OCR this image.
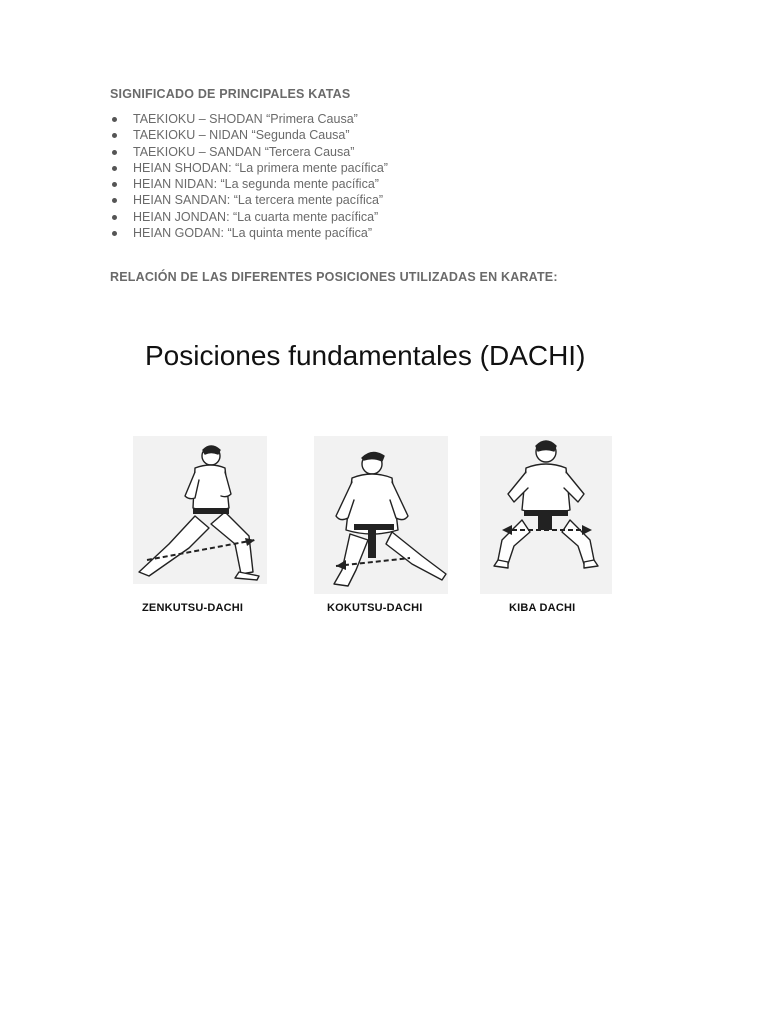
SIGNIFICADO DE PRINCIPALES KATAS
TAEKIOKU – SHODAN “Primera Causa”
TAEKIOKU – NIDAN “Segunda Causa”
TAEKIOKU – SANDAN “Tercera Causa”
HEIAN SHODAN: “La primera mente pacífica”
HEIAN NIDAN: “La segunda mente pacífica”
HEIAN SANDAN: “La tercera mente pacífica”
HEIAN JONDAN: “La cuarta mente pacífica”
HEIAN GODAN: “La quinta mente pacífica”
RELACIÓN DE LAS DIFERENTES POSICIONES UTILIZADAS EN KARATE:
Posiciones fundamentales (DACHI)
ZENKUTSU-DACHI	KOKUTSU-DACHI	KIBA DACHI
